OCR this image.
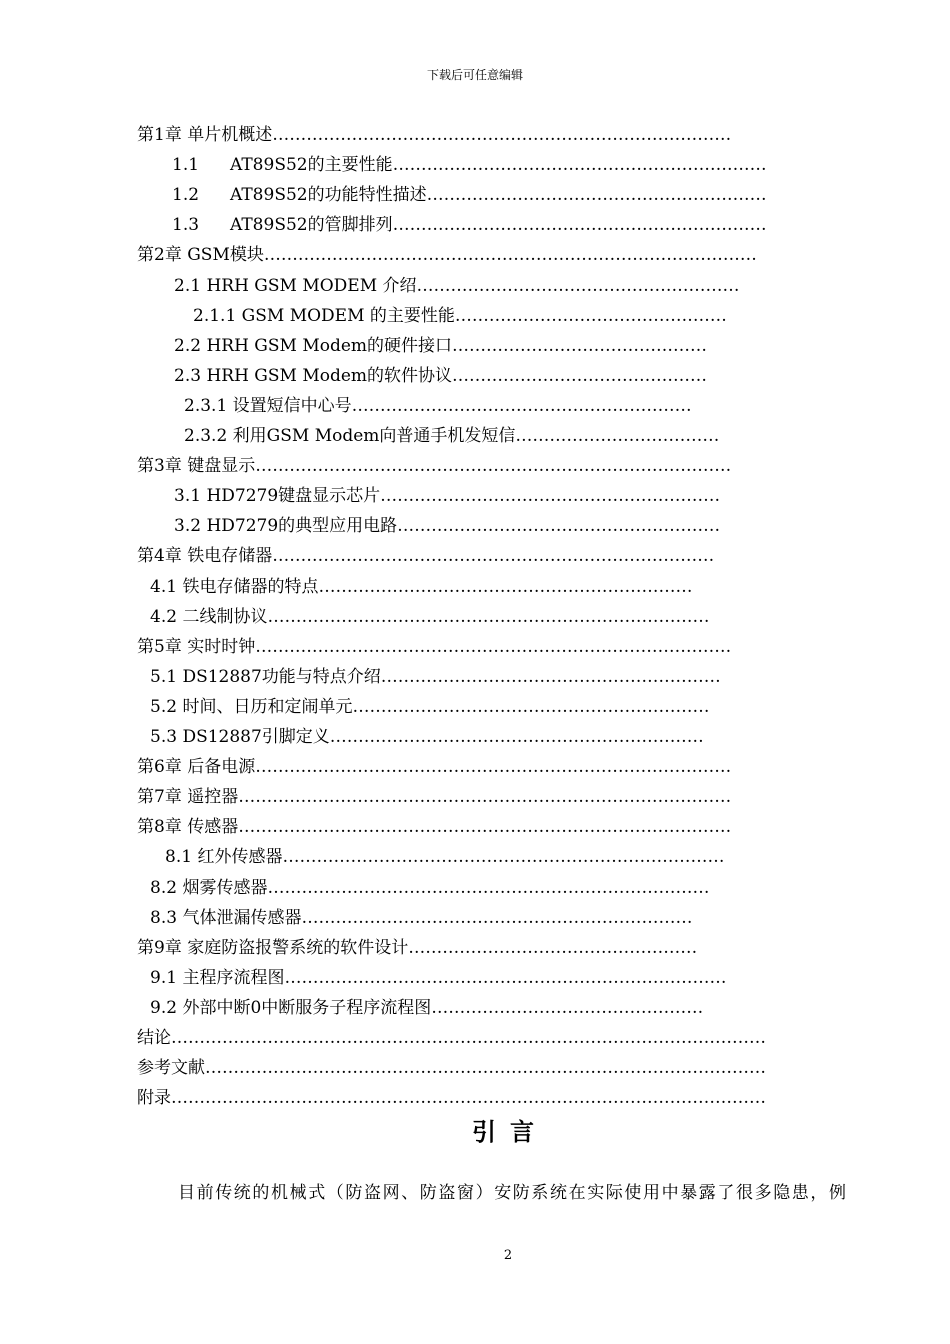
下载后可任意编辑
第1章 单片机概述………………………………………………………………………
1.1 AT89S52的主要性能…………………………………………………………
1.2 AT89S52的功能特性描述……………………………………………………
1.3 AT89S52的管脚排列…………………………………………………………
第2章 GSM模块……………………………………………………………………………
2.1 HRH GSM MODEM 介绍…………………………………………………
2.1.1 GSM MODEM 的主要性能…………………………………………
2.2 HRH GSM Modem的硬件接口………………………………………
2.3 HRH GSM Modem的软件协议………………………………………
2.3.1 设置短信中心号……………………………………………………
2.3.2 利用GSM Modem向普通手机发短信………………………………
第3章 键盘显示…………………………………………………………………………
3.1 HD7279键盘显示芯片……………………………………………………
3.2 HD7279的典型应用电路…………………………………………………
第4章 铁电存储器……………………………………………………………………
4.1 铁电存储器的特点…………………………………………………………
4.2 二线制协议……………………………………………………………………
第5章 实时时钟…………………………………………………………………………
5.1 DS12887功能与特点介绍……………………………………………………
5.2 时间、日历和定闹单元………………………………………………………
5.3 DS12887引脚定义…………………………………………………………
第6章 后备电源…………………………………………………………………………
第7章 遥控器……………………………………………………………………………
第8章 传感器……………………………………………………………………………
8.1 红外传感器……………………………………………………………………
8.2 烟雾传感器……………………………………………………………………
8.3 气体泄漏传感器……………………………………………………………
第9章 家庭防盗报警系统的软件设计……………………………………………
9.1 主程序流程图……………………………………………………………………
9.2 外部中断0中断服务子程序流程图…………………………………………
结论……………………………………………………………………………………………
参考文献………………………………………………………………………………………
附录……………………………………………………………………………………………
引言
目前传统的机械式（防盗网、防盗窗）安防系统在实际使用中暴露了很多隐患，例
2
